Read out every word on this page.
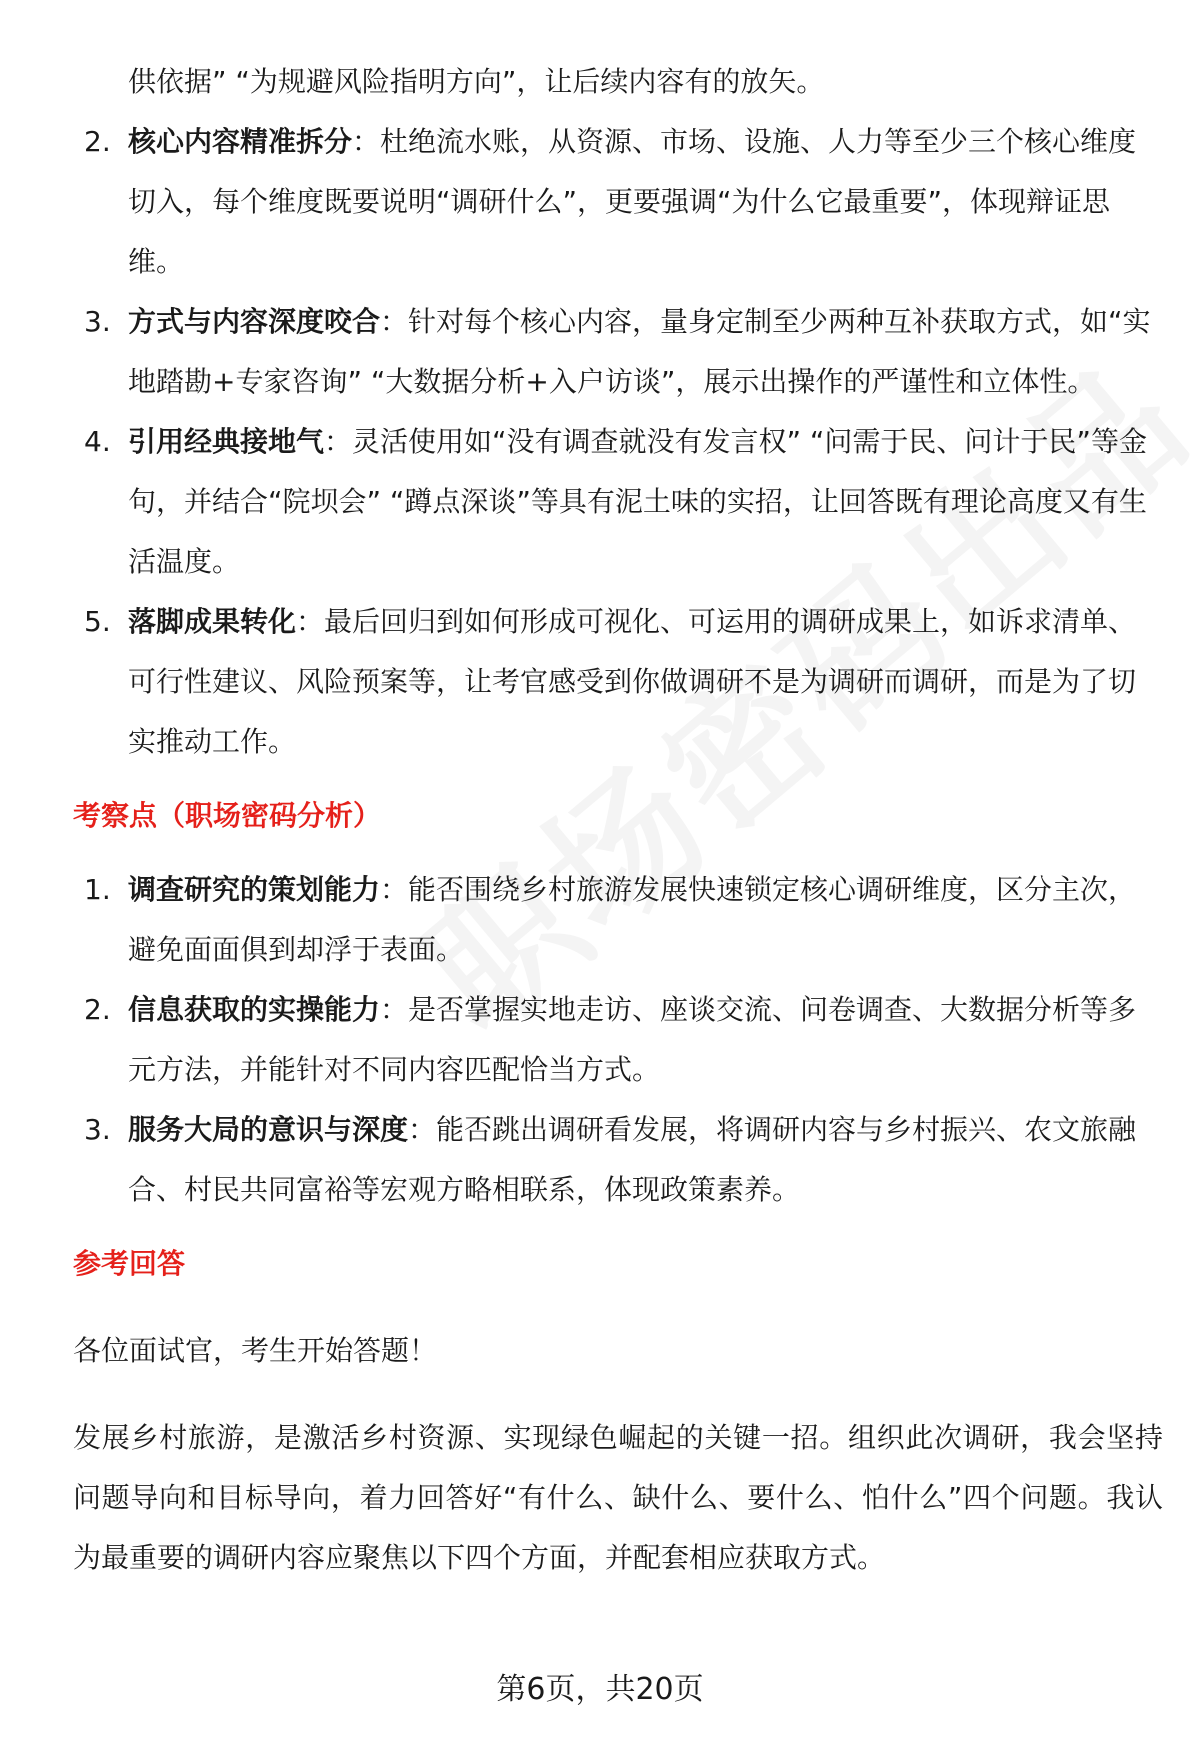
供依据” “为规避风险指明方向”，让后续内容有的放矢。
2. 核心内容精准拆分：杜绝流水账，从资源、市场、设施、人力等至少三个核心维度切入，每个维度既要说明“调研什么”，更要强调“为什么它最重要”，体现辩证思维。
3. 方式与内容深度咬合：针对每个核心内容，量身定制至少两种互补获取方式，如“实地踏勘+专家咨询” “大数据分析+入户访谈”，展示出操作的严谨性和立体性。
4. 引用经典接地气：灵活使用如“没有调查就没有发言权” “问需于民、问计于民”等金句，并结合“院坝会” “蹲点深谈”等具有泥土味的实招，让回答既有理论高度又有生活温度。
5. 落脚成果转化：最后回归到如何形成可视化、可运用的调研成果上，如诉求清单、可行性建议、风险预案等，让考官感受到你做调研不是为调研而调研，而是为了切实推动工作。
考察点（职场密码分析）
1. 调查研究的策划能力：能否围绕乡村旅游发展快速锁定核心调研维度，区分主次，避免面面俱到却浮于表面。
2. 信息获取的实操能力：是否掌握实地走访、座谈交流、问卷调查、大数据分析等多元方法，并能针对不同内容匹配恰当方式。
3. 服务大局的意识与深度：能否跳出调研看发展，将调研内容与乡村振兴、农文旅融合、村民共同富裕等宏观方略相联系，体现政策素养。
参考回答
各位面试官，考生开始答题！
发展乡村旅游，是激活乡村资源、实现绿色崛起的关键一招。组织此次调研，我会坚持问题导向和目标导向，着力回答好“有什么、缺什么、要什么、怕什么”四个问题。我认为最重要的调研内容应聚焦以下四个方面，并配套相应获取方式。
第6页，共20页
